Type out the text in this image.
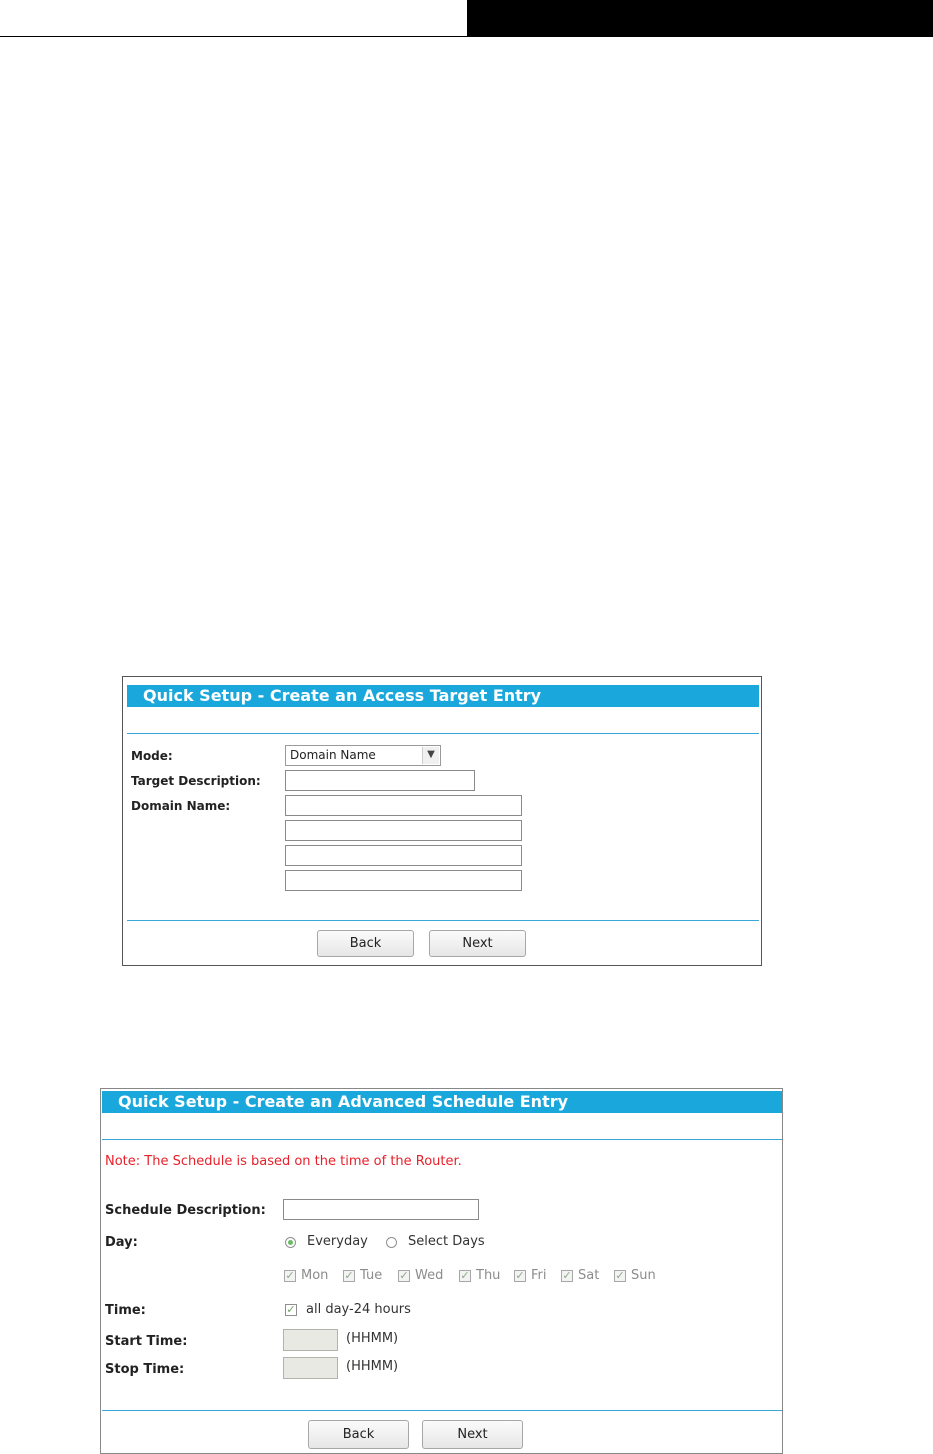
Quick Setup - Create an Access Target Entry
Mode:	Domain Name	▼
Target Description:
Domain Name:
Back	Next
Quick Setup - Create an Advanced Schedule Entry
Note: The Schedule is based on the time of the Router.
Schedule Description:
Day:	Everyday	Select Days
✓ Mon ✓ Tue ✓ Wed ✓ Thu ✓ Fri ✓ Sat ✓ Sun
Time:	✓ all day-24 hours
Start Time:	(HHMM)
Stop Time:	(HHMM)
Back	Next
